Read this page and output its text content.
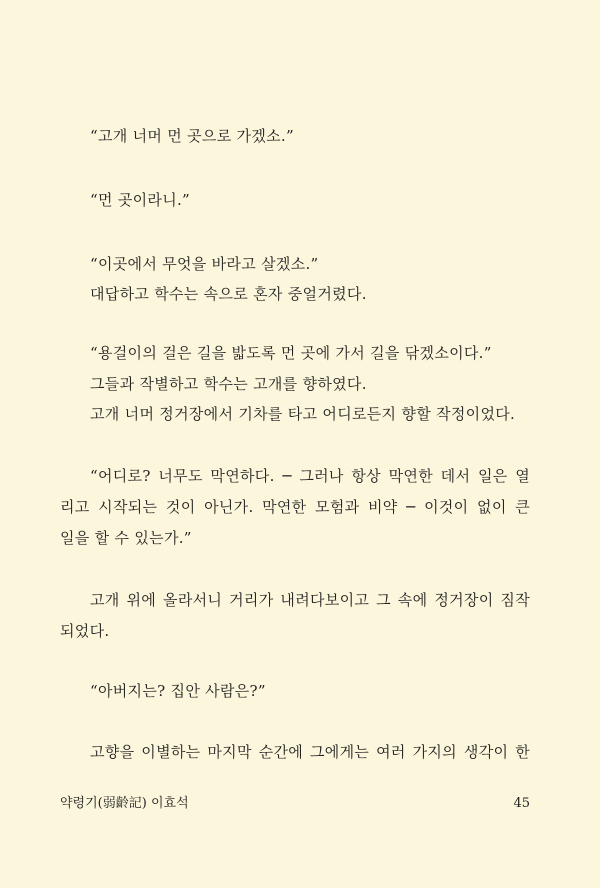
“고개 너머 먼 곳으로 가겠소.”
“먼 곳이라니.”
“이곳에서 무엇을 바라고 살겠소.”
대답하고 학수는 속으로 혼자 중얼거렸다.
“용걸이의 걸은 길을 밟도록 먼 곳에 가서 길을 닦겠소이다.”
그들과 작별하고 학수는 고개를 향하였다.
고개 너머 정거장에서 기차를 타고 어디로든지 향할 작정이었다.
“어디로? 너무도 막연하다. ─ 그러나 항상 막연한 데서 일은 열
리고 시작되는 것이 아닌가. 막연한 모험과 비약 ─ 이것이 없이 큰
일을 할 수 있는가.”
고개 위에 올라서니 거리가 내려다보이고 그 속에 정거장이 짐작
되었다.
“아버지는? 집안 사람은?”
고향을 이별하는 마지막 순간에 그에게는 여러 가지의 생각이 한
약령기(弱齡記) 이효석	45
